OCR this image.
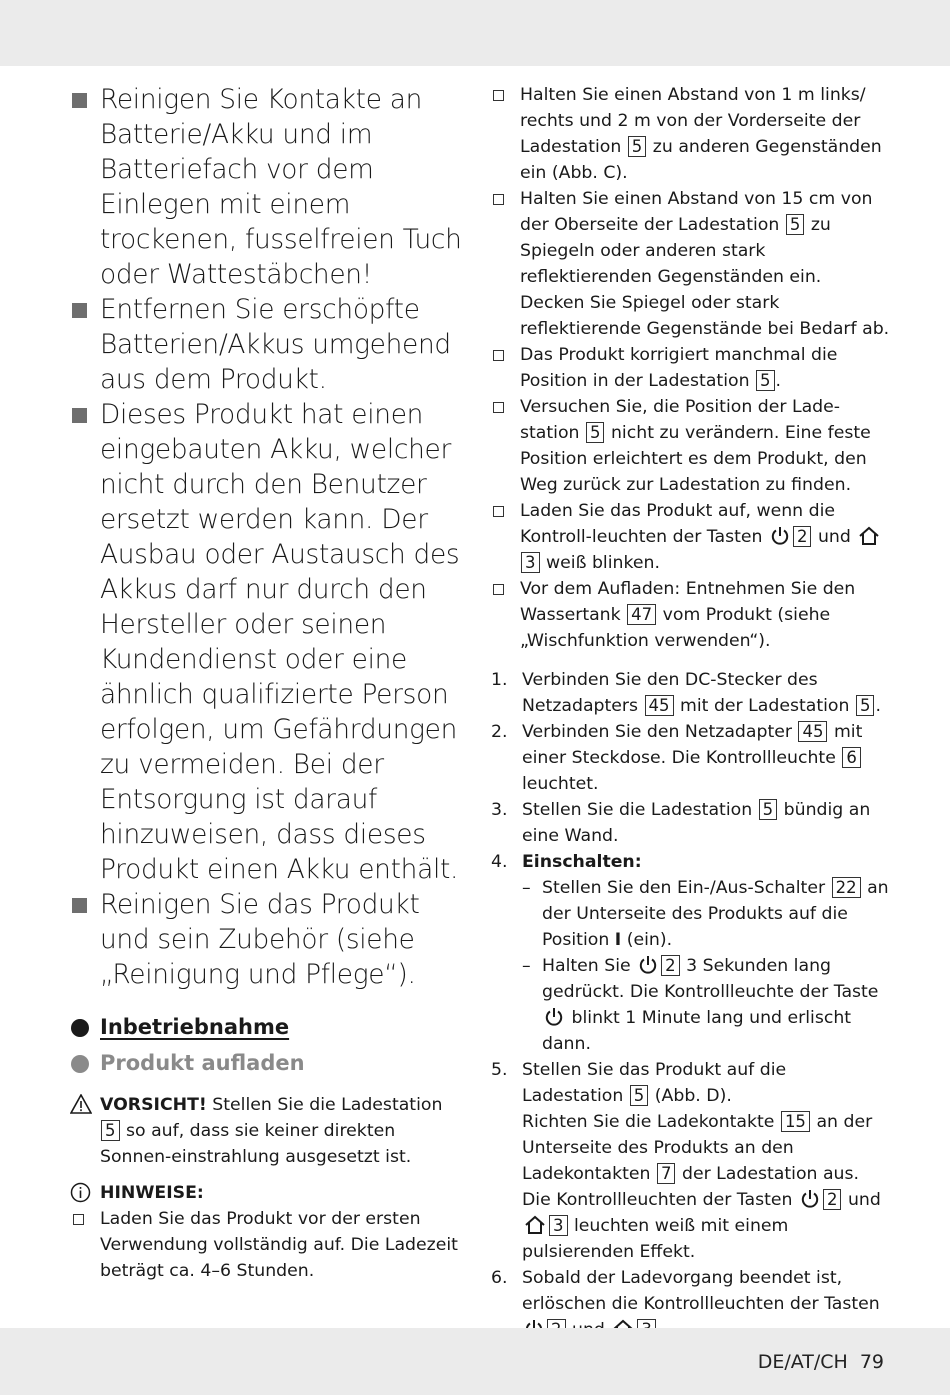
Reinigen Sie Kontakte an Batterie/Akku und im Batteriefach vor dem Einlegen mit einem trockenen, fusselfreien Tuch oder Wattestäbchen!
Entfernen Sie erschöpfte Batterien/Akkus umgehend aus dem Produkt.
Dieses Produkt hat einen eingebauten Akku, welcher nicht durch den Benutzer ersetzt werden kann. Der Ausbau oder Austausch des Akkus darf nur durch den Hersteller oder seinen Kundendienst oder eine ähnlich qualifizierte Person erfolgen, um Gefährdungen zu vermeiden. Bei der Entsorgung ist darauf hinzuweisen, dass dieses Produkt einen Akku enthält.
Reinigen Sie das Produkt und sein Zubehör (siehe „Reinigung und Pflege“).
Inbetriebnahme
Produkt aufladen
VORSICHT! Stellen Sie die Ladestation 5 so auf, dass sie keiner direkten Sonnen-einstrahlung ausgesetzt ist.
HINWEISE:
Laden Sie das Produkt vor der ersten Verwendung vollständig auf. Die Ladezeit beträgt ca. 4–6 Stunden.
Halten Sie einen Abstand von 1 m links/ rechts und 2 m von der Vorderseite der Ladestation 5 zu anderen Gegenständen ein (Abb. C).
Halten Sie einen Abstand von 15 cm von der Oberseite der Ladestation 5 zu Spiegeln oder anderen stark reflektierenden Gegenständen ein. Decken Sie Spiegel oder stark reflektierende Gegenstände bei Bedarf ab.
Das Produkt korrigiert manchmal die Position in der Ladestation 5 .
Versuchen Sie, die Position der Lade-station 5 nicht zu verändern. Eine feste Position erleichtert es dem Produkt, den Weg zurück zur Ladestation zu finden.
Laden Sie das Produkt auf, wenn die Kontroll-leuchten der Tasten 2 und 3 weiß blinken.
Vor dem Aufladen: Entnehmen Sie den Wassertank 47 vom Produkt (siehe „Wischfunktion verwenden“).
1. Verbinden Sie den DC-Stecker des Netzadapters 45 mit der Ladestation 5 .
2. Verbinden Sie den Netzadapter 45 mit einer Steckdose. Die Kontrollleuchte 6 leuchtet.
3. Stellen Sie die Ladestation 5 bündig an eine Wand.
4. Einschalten:
– Stellen Sie den Ein-/Aus-Schalter 22 an der Unterseite des Produkts auf die Position I (ein).
– Halten Sie 2 3 Sekunden lang gedrückt. Die Kontrollleuchte der Taste  blinkt 1 Minute lang und erlischt dann.
5. Stellen Sie das Produkt auf die Ladestation 5 (Abb. D).
Richten Sie die Ladekontakte 15 an der Unterseite des Produkts an den Ladekontakten 7 der Ladestation aus.
Die Kontrollleuchten der Tasten 2 und 3 leuchten weiß mit einem pulsierenden Effekt.
6. Sobald der Ladevorgang beendet ist, erlöschen die Kontrollleuchten der Tasten
DE/AT/CH 79
